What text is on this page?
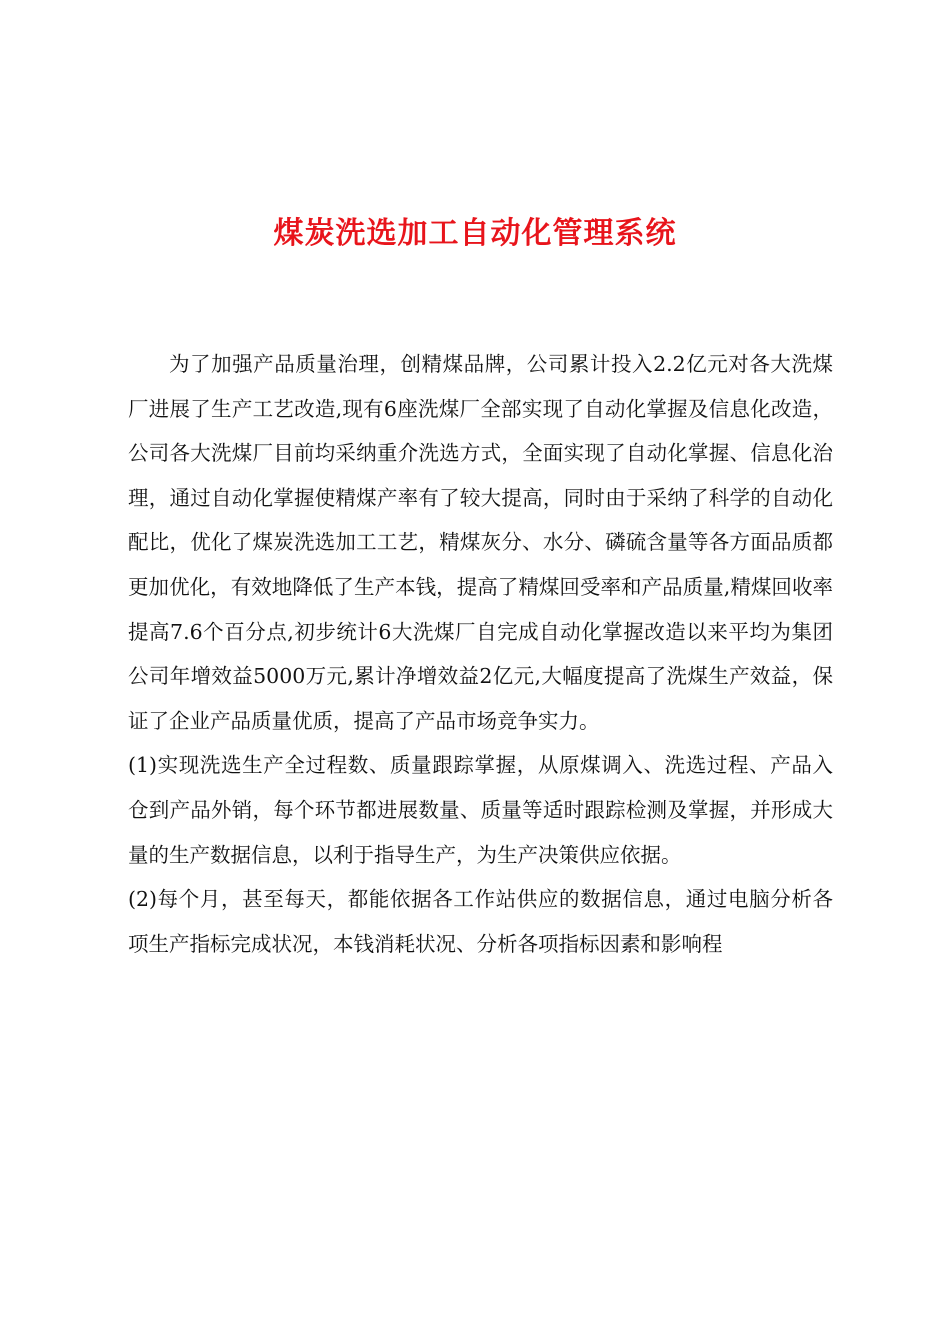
煤炭洗选加工自动化管理系统

为了加强产品质量治理，创精煤品牌，公司累计投入2.2亿元对各大洗煤厂进展了生产工艺改造,现有6座洗煤厂全部实现了自动化掌握及信息化改造，公司各大洗煤厂目前均采纳重介洗选方式，全面实现了自动化掌握、信息化治理，通过自动化掌握使精煤产率有了较大提高，同时由于采纳了科学的自动化配比，优化了煤炭洗选加工工艺，精煤灰分、水分、磷硫含量等各方面品质都更加优化，有效地降低了生产本钱，提高了精煤回受率和产品质量,精煤回收率提高7.6个百分点,初步统计6大洗煤厂自完成自动化掌握改造以来平均为集团公司年增效益5000万元,累计净增效益2亿元,大幅度提高了洗煤生产效益，保证了企业产品质量优质，提高了产品市场竞争实力。

(1)实现洗选生产全过程数、质量跟踪掌握，从原煤调入、洗选过程、产品入仓到产品外销，每个环节都进展数量、质量等适时跟踪检测及掌握，并形成大量的生产数据信息，以利于指导生产，为生产决策供应依据。

(2)每个月，甚至每天，都能依据各工作站供应的数据信息，通过电脑分析各项生产指标完成状况，本钱消耗状况、分析各项指标因素和影响程
